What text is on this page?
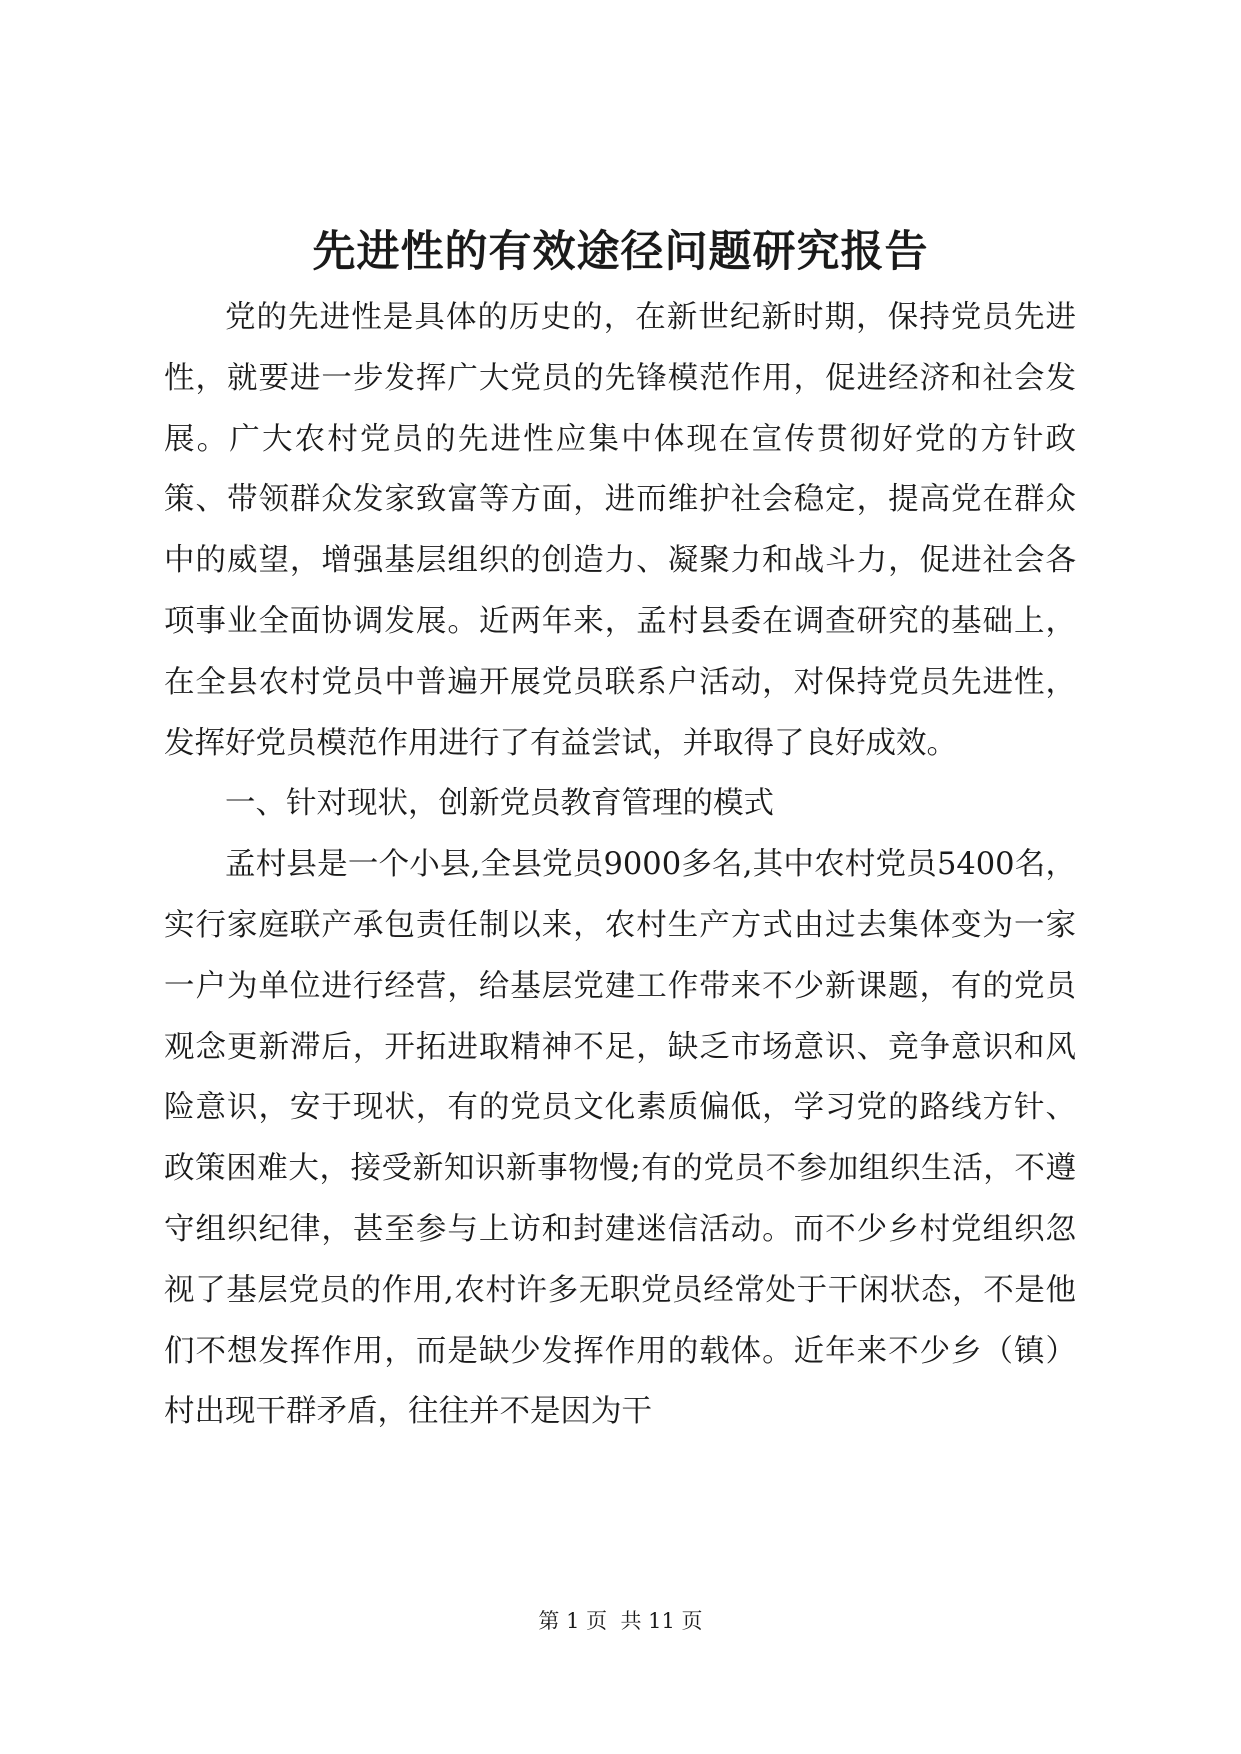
先进性的有效途径问题研究报告

党的先进性是具体的历史的，在新世纪新时期，保持党员先进性，就要进一步发挥广大党员的先锋模范作用，促进经济和社会发展。广大农村党员的先进性应集中体现在宣传贯彻好党的方针政策、带领群众发家致富等方面，进而维护社会稳定，提高党在群众中的威望，增强基层组织的创造力、凝聚力和战斗力，促进社会各项事业全面协调发展。近两年来，孟村县委在调查研究的基础上，在全县农村党员中普遍开展党员联系户活动，对保持党员先进性，发挥好党员模范作用进行了有益尝试，并取得了良好成效。

一、针对现状，创新党员教育管理的模式

孟村县是一个小县,全县党员9000多名,其中农村党员5400名，实行家庭联产承包责任制以来，农村生产方式由过去集体变为一家一户为单位进行经营，给基层党建工作带来不少新课题，有的党员观念更新滞后，开拓进取精神不足，缺乏市场意识、竞争意识和风险意识，安于现状，有的党员文化素质偏低，学习党的路线方针、政策困难大，接受新知识新事物慢;有的党员不参加组织生活，不遵守组织纪律，甚至参与上访和封建迷信活动。而不少乡村党组织忽视了基层党员的作用,农村许多无职党员经常处于干闲状态，不是他们不想发挥作用，而是缺少发挥作用的载体。近年来不少乡（镇）村出现干群矛盾，往往并不是因为干

第 1 页  共 11 页
